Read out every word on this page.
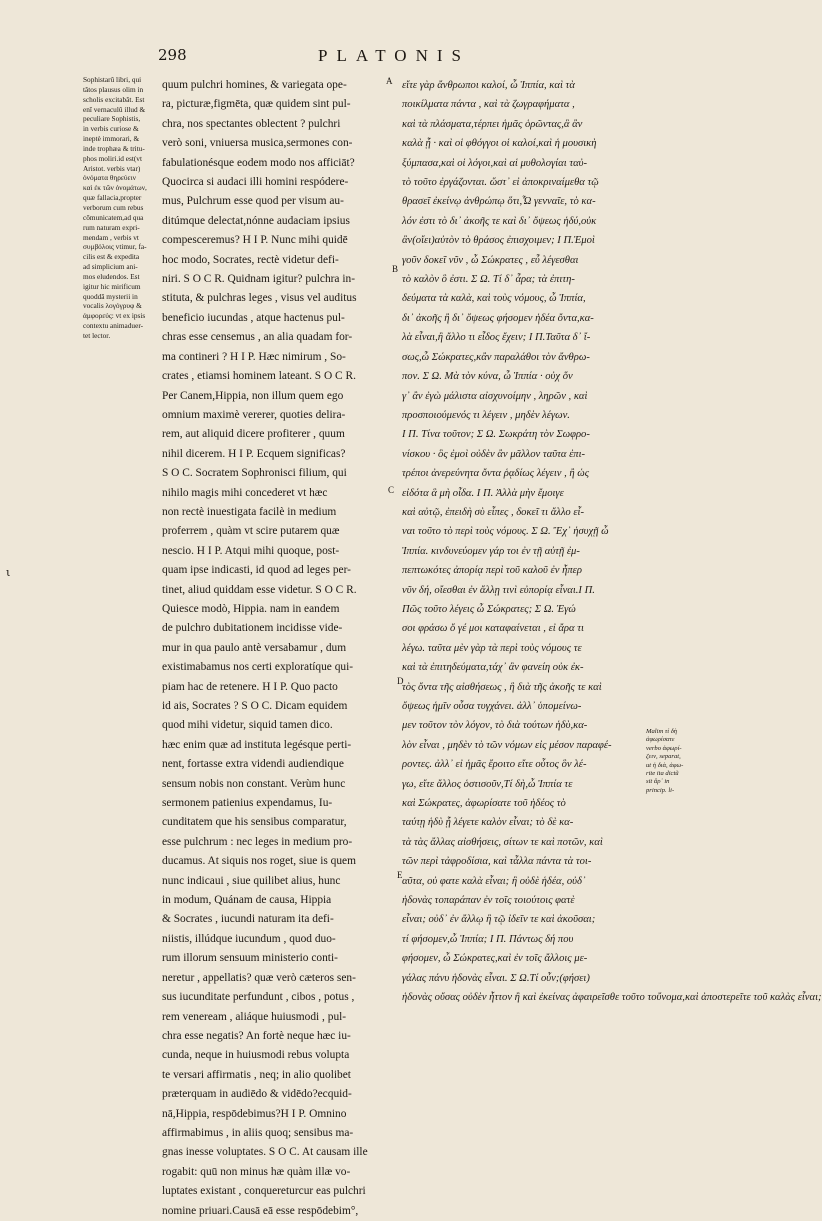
298	PLATONIS
Sophistarũ libri, qui
tãtos plausus olim in
scholis excitabãt. Est
enī vernaculũ illud &
peculiare Sophistis,
in verbis curiose &
ineptè immorari, &
inde trophæa & tritu-
phos moliri.id est(vt
Aristot. verbis vtar)
ὀνόματα θηρεύειν
καὶ ἐκ τῶν ὀνομάτων,
quæ fallacia,propter
verborum cum rebus
cōmunicatem,ad qua
rum naturam expri-
mendam , verbis vt
συμβόλοις vtimur, fa-
cilis est & expedita
ad simplicium ani-
mos eludendos. Est
igitur hic mirificum
quoddā mysterii in
vocalis λογόγρυφ &
ἀμφορεύς: vt ex ipsis
contextu animaduer-
tet lector.
quum pulchri homines, & variegata ope-
ra, picturæ,figmēta, quæ quidem sint pul-
chra, nos spectantes oblectent ? pulchri
verò soni, vniuersa musica,sermones con-
fabulationésque eodem modo nos afficiāt?
Quocirca si audaci illi homini respódere-
mus, Pulchrum esse quod per visum au-
ditúmque delectat,nónne audaciam ipsius
compesceremus? H I P. Nunc mihi quidē
hoc modo, Socrates, rectè videtur defi-
niri. S O C R. Quidnam igitur? pulchra in-
stituta, & pulchras leges , visus vel auditus
beneficio iucundas , atque hactenus pul-
chras esse censemus , an alia quadam for-
ma contineri ? H I P. Hæc nimirum , So-
crates , etiamsi hominem lateant. S O C R.
Per Canem,Hippia, non illum quem ego
omnium maximè vererer, quoties delira-
rem, aut aliquid dicere profiterer , quum
nihil dicerem. H I P. Ecquem significas?
S O C. Socratem Sophronisci filium, qui
nihilo magis mihi concederet vt hæc
non rectè inuestigata facilè in medium
proferrem , quàm vt scire putarem quæ
nescio. H I P. Atqui mihi quoque, post-
quam ipse indicasti, id quod ad leges per-
tinet, aliud quiddam esse videtur. S O C R.
Quiesce modò, Hippia. nam in eandem
de pulchro dubitationem incidisse vide-
mur in qua paulo antè versabamur , dum
existimabamus nos certi exploratíque qui-
piam hac de retenere. H I P. Quo pacto
id ais, Socrates ? S O C. Dicam equidem
quod mihi videtur, siquid tamen dico.
hæc enim quæ ad instituta legésque perti-
nent, fortasse extra videndi audiendique
sensum nobis non constant. Verùm hunc
sermonem patienius expendamus, Iu-
cunditatem que his sensibus comparatur,
esse pulchrum : nec leges in medium pro-
ducamus. At siquis nos roget, siue is quem
nunc indicaui , siue quilibet alius, hunc
in modum, Quánam de causa, Hippia
& Socrates , iucundi naturam ita defi-
niistis, illúdque iucundum , quod duo-
rum illorum sensuum ministerio conti-
neretur , appellatis? quæ verò cæteros sen-
sus iucunditate perfundunt , cibos , potus ,
rem veneream , aliáque huiusmodi , pul-
chra esse negatis? An fortè neque hæc iu-
cunda, neque in huiusmodi rebus volupta
te versari affirmatis , neq; in alio quolibet
præterquam in audiēdo & vidēdo?ecquid-
nā,Hippia, respōdebimus?H I P. Omnino
affirmabimus , in aliis quoq; sensibus ma-
gnas inesse voluptates. S O C. At causam ille
rogabit: quū non minus hæ quàm illæ vo-
luptates existant , conquereturcur eas pulchri
nomine priuari.Causā eā esse respōdebim°,
A
B
C
D
E
εἴτε γὰρ ἄνθρωποι καλοί, ὦ Ἱππία, καὶ τὰ
ποικίλματα πάντα , καὶ τὰ ζωγραφήματα ,
καὶ τὰ πλάσματα,τέρπει ἡμᾶς ὁρῶντας,ἃ ἂν
καλὰ ᾖ · καὶ οἱ φθόγγοι οἱ καλοί,καὶ ἡ μουσικὴ
ξύμπασα,καὶ οἱ λόγοι,καὶ αἱ μυθολογίαι ταὐ-
τὸ τοῦτο ἐργάζονται. ὥστ᾽ εἰ ἀποκριναίμεθα τῷ
θρασεῖ ἐκείνῳ ἀνθρώπῳ ὅτι,Ὦ γενναῖε, τὸ κα-
λόν ἐστι τὸ δι᾽ ἀκοῆς τε καὶ δι᾽ ὄψεως ἡδύ,οὐκ
ἂν(οἴει)αὐτὸν τὸ θράσος ἐπισχοιμεν; Ι Π.Ἐμοὶ
γοῦν δοκεῖ νῦν , ὦ Σώκρατες , εὖ λέγεσθαι
τὸ καλὸν ὃ ἐστι. Σ Ω. Τί δ᾽ ἆρα; τὰ ἐπιτη-
δεύματα τὰ καλὰ, καὶ τοὺς νόμους, ὦ Ἱππία,
δι᾽ ἀκοῆς ἢ δι᾽ ὄψεως φήσομεν ἡδέα ὄντα,κα-
λὰ εἶναι,ἢ ἄλλο τι εἶδος ἔχειν; Ι Π.Ταῦτα δ᾽ ἴ-
σως,ὦ Σώκρατες,κἂν παραλάθοι τὸν ἄνθρω-
πον. Σ Ω. Μὰ τὸν κύνα, ὦ Ἱππία · οὐχ ὅν
γ᾽ ἂν ἐγὼ μάλιστα αἰσχυνοίμην , ληρῶν , καὶ
προσποιούμενός τι λέγειν , μηδὲν λέγων.
Ι Π. Τίνα τοῦτον; Σ Ω. Σωκράτη τὸν Σωφρο-
νίσκου · ὃς ἐμοὶ οὐδὲν ἂν μᾶλλον ταῦτα ἐπι-
τρέποι ἀνερεύνητα ὄντα ῥᾳδίως λέγειν , ἢ ὡς
εἰδότα ἃ μὴ οἶδα. Ι Π. Ἀλλὰ μὴν ἔμοιγε
καὶ αὐτῷ, ἐπειδὴ σὺ εἶπες , δοκεῖ τι ἄλλο εἶ-
ναι τοῦτο τὸ περὶ τοὺς νόμους. Σ Ω. Ἔχ᾽ ἡσυχῇ ὦ
Ἱππία. κινδυνεύομεν γάρ τοι ἐν τῇ αὐτῇ ἐμ-
πεπτωκότες ἀπορίᾳ περὶ τοῦ καλοῦ ἐν ἧπερ
νῦν δή, οἴεσθαι ἐν ἄλλῃ τινὶ εὐπορίᾳ εἶναι.Ι Π.
Πῶς τοῦτο λέγεις ὦ Σώκρατες; Σ Ω. Ἐγώ
σοι φράσω ὅ γέ μοι καταφαίνεται , εἰ ἄρα τι
λέγω. ταῦτα μὲν γὰρ τὰ περὶ τοὺς νόμους τε
καὶ τὰ ἐπιτηδεύματα,τάχ᾽ ἂν φανείη οὐκ ἐκ-
τὸς ὄντα τῆς αἰσθήσεως , ἣ διὰ τῆς ἀκοῆς τε καὶ
ὄψεως ἡμῖν οὖσα τυγχάνει. ἀλλ᾽ ὑπομείνω-
μεν τοῦτον τὸν λόγον, τὸ διὰ τούτων ἡδὺ,κα-
λὸν εἶναι , μηδὲν τὸ τῶν νόμων εἰς μέσον παραφέ-
ροντες. ἀλλ᾽ εἰ ἡμᾶς ἔροιτο εἴτε οὗτος ὃν λέ-
γω, εἴτε ἄλλος ὁστισοῦν,Τί δὴ,ὦ Ἱππία τε
καὶ Σώκρατες, ἀφωρίσατε τοῦ ἡδέος τὸ
ταύτῃ ἡδὺ ᾗ λέγετε καλὸν εἶναι; τὸ δὲ κα-
τὰ τὰς ἄλλας αἰσθήσεις, σίτων τε καὶ ποτῶν, καὶ
τῶν περὶ τἀφροδίσια, καὶ τἆλλα πάντα τὰ τοι-
αῦτα, οὐ φατε καλὰ εἶναι; ἢ οὐδὲ ἡδέα, οὐδ᾽
ἡδονὰς τοπαράπαν ἐν τοῖς τοιούτοις φατὲ
εἶναι; οὐδ᾽ ἐν ἄλλῳ ἢ τῷ ἰδεῖν τε καὶ ἀκοῦσαι;
τί φήσομεν,ὦ Ἱππία; Ι Π. Πάντως δή που
φήσομεν, ὦ Σώκρατες,καὶ ἐν τοῖς ἄλλοις με-
γάλας πάνυ ἡδονὰς εἶναι. Σ Ω.Τί οὖν;(φήσει)
ἡδονὰς οὔσας οὐδὲν ἧττον ἢ καὶ ἐκείνας ἀφαιρεῖσθε τοῦτο τοὔνομα,καὶ ἀποστερεῖτε τοῦ καλὰς εἶναι;
Malim τί δὴ
ἀφωρίσατε
verbo ἀφωρί-
ζειν, separat,
ut ἡ διὰ, ἀφω-
rite ita dictũ
sit ἄρ᾽ in
princip. li-
ι
